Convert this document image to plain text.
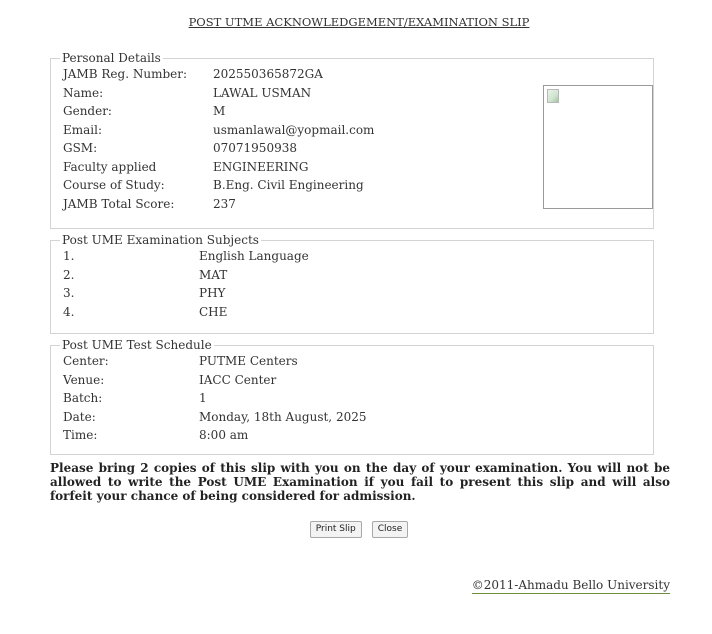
POST UTME ACKNOWLEDGEMENT/EXAMINATION SLIP
Personal Details
JAMB Reg. Number:	202550365872GA
Name:	LAWAL USMAN
Gender:	M
Email:	usmanlawal@yopmail.com
GSM:	07071950938
Faculty applied	ENGINEERING
Course of Study:	B.Eng. Civil Engineering
JAMB Total Score:	237
Post UME Examination Subjects
1.	English Language
2.	MAT
3.	PHY
4.	CHE
Post UME Test Schedule
Center:	PUTME Centers
Venue:	IACC Center
Batch:	1
Date:	Monday, 18th August, 2025
Time:	8:00 am
Please bring 2 copies of this slip with you on the day of your examination. You will not be allowed to write the Post UME Examination if you fail to present this slip and will also forfeit your chance of being considered for admission.
Print Slip Close
©2011-Ahmadu Bello University
